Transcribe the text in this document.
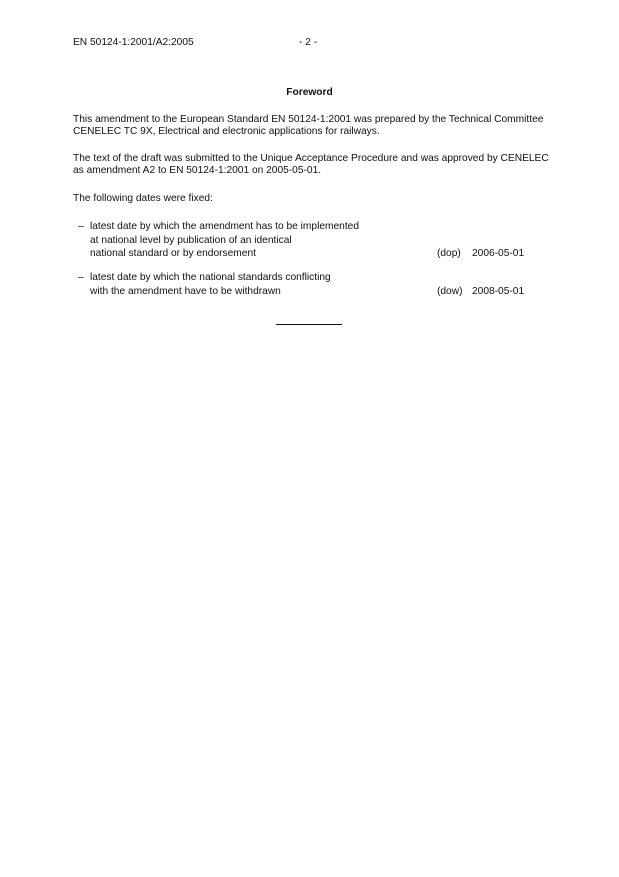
EN 50124-1:2001/A2:2005	- 2 -
Foreword
This amendment to the European Standard EN 50124-1:2001 was prepared by the Technical Committee CENELEC TC 9X, Electrical and electronic applications for railways.
The text of the draft was submitted to the Unique Acceptance Procedure and was approved by CENELEC as amendment A2 to EN 50124-1:2001 on 2005-05-01.
The following dates were fixed:
– latest date by which the amendment has to be implemented
at national level by publication of an identical
national standard or by endorsement	(dop) 2006-05-01
– latest date by which the national standards conflicting
with the amendment have to be withdrawn	(dow) 2008-05-01
